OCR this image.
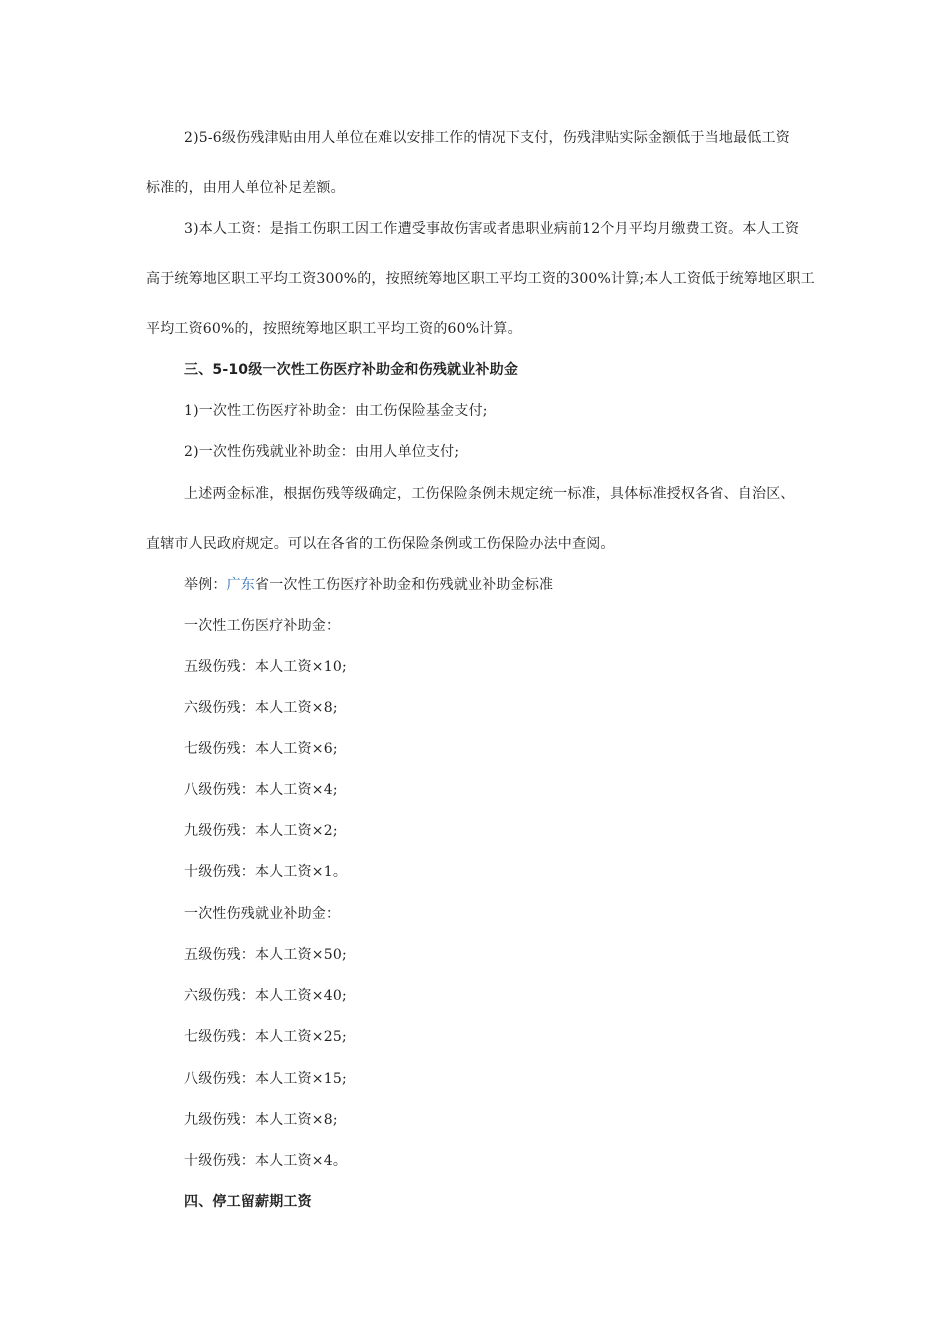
2)5-6级伤残津贴由用人单位在难以安排工作的情况下支付，伤残津贴实际金额低于当地最低工资
标准的，由用人单位补足差额。
3)本人工资：是指工伤职工因工作遭受事故伤害或者患职业病前12个月平均月缴费工资。本人工资
高于统筹地区职工平均工资300%的，按照统筹地区职工平均工资的300%计算;本人工资低于统筹地区职工
平均工资60%的，按照统筹地区职工平均工资的60%计算。
三、5-10级一次性工伤医疗补助金和伤残就业补助金
1)一次性工伤医疗补助金：由工伤保险基金支付;
2)一次性伤残就业补助金：由用人单位支付;
上述两金标准，根据伤残等级确定，工伤保险条例未规定统一标准，具体标准授权各省、自治区、
直辖市人民政府规定。可以在各省的工伤保险条例或工伤保险办法中查阅。
举例：广东省一次性工伤医疗补助金和伤残就业补助金标准
一次性工伤医疗补助金：
五级伤残：本人工资×10;
六级伤残：本人工资×8;
七级伤残：本人工资×6;
八级伤残：本人工资×4;
九级伤残：本人工资×2;
十级伤残：本人工资×1。
一次性伤残就业补助金：
五级伤残：本人工资×50;
六级伤残：本人工资×40;
七级伤残：本人工资×25;
八级伤残：本人工资×15;
九级伤残：本人工资×8;
十级伤残：本人工资×4。
四、停工留薪期工资
